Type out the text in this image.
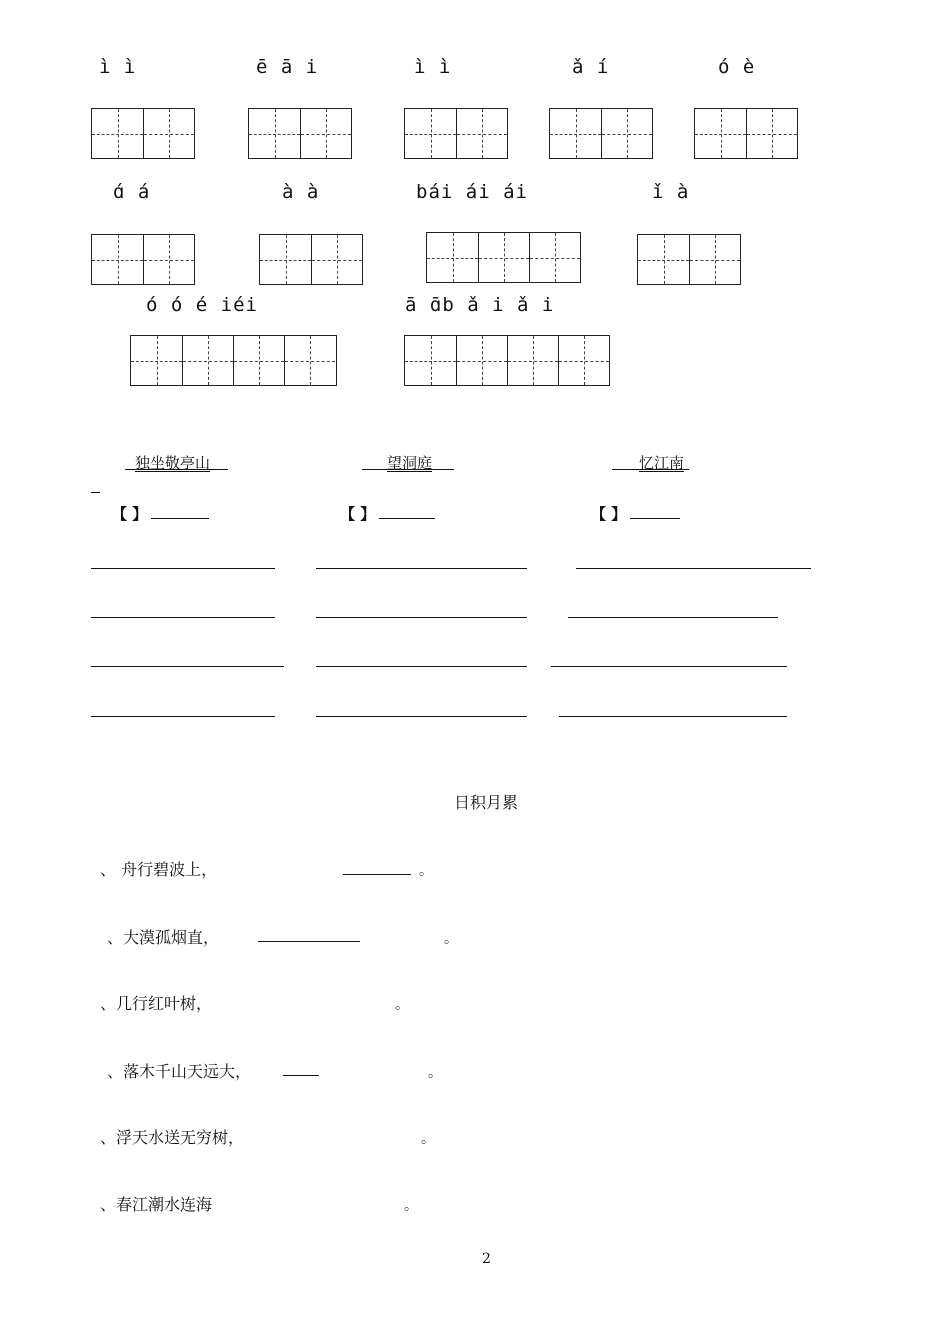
ì ì	ē ā i	ì ì	ǎ í	ó è
ɑ́ á	à à	bái ái ái	ǐ à
ó ó é iéi	ā ɑ̄b ǎ i ǎ i
独坐敬亭山	望洞庭	忆江南
【 】	【 】	【 】
日积月累
、 舟行碧波上，	。
、大漠孤烟直，	。
、几行红叶树，	。
、落木千山天远大，	。
、浮天水送无穷树，	。
、春江潮水连海	。
2
